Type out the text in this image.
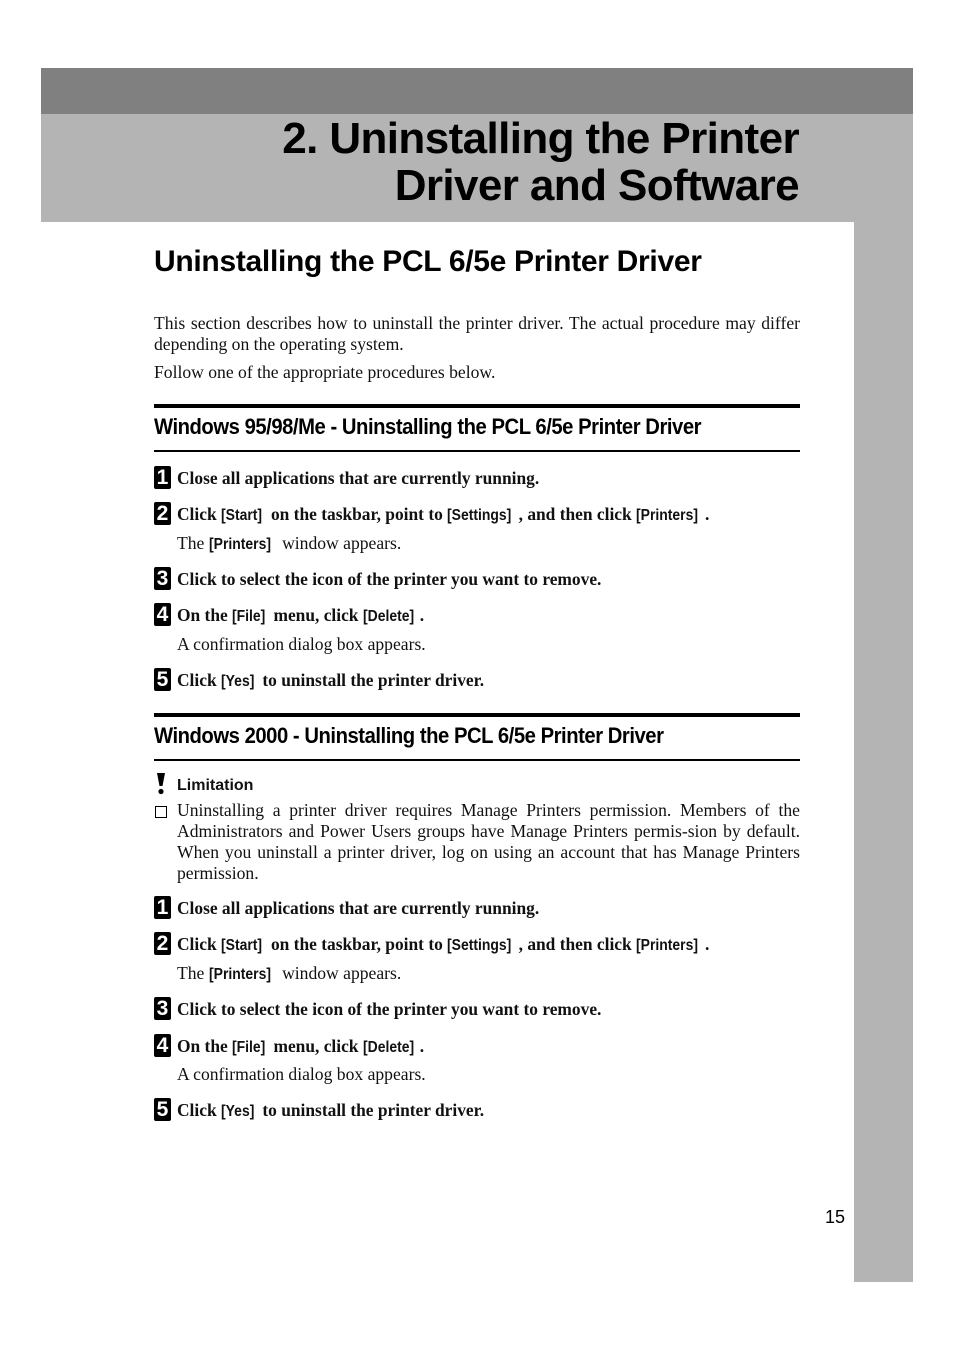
2. Uninstalling the Printer
Driver and Software
Uninstalling the PCL 6/5e Printer Driver
This section describes how to uninstall the printer driver. The actual procedure may differ depending on the operating system.
Follow one of the appropriate procedures below.
Windows 95/98/Me - Uninstalling the PCL 6/5e Printer Driver
1 Close all applications that are currently running.
2 Click [Start] on the taskbar, point to [Settings] , and then click [Printers] .
The [Printers] window appears.
3 Click to select the icon of the printer you want to remove.
4 On the [File] menu, click [Delete] .
A confirmation dialog box appears.
5 Click [Yes] to uninstall the printer driver.
Windows 2000 - Uninstalling the PCL 6/5e Printer Driver
Limitation
Uninstalling a printer driver requires Manage Printers permission. Members of the Administrators and Power Users groups have Manage Printers permis-sion by default. When you uninstall a printer driver, log on using an account that has Manage Printers permission.
1 Close all applications that are currently running.
2 Click [Start] on the taskbar, point to [Settings] , and then click [Printers] .
The [Printers] window appears.
3 Click to select the icon of the printer you want to remove.
4 On the [File] menu, click [Delete] .
A confirmation dialog box appears.
5 Click [Yes] to uninstall the printer driver.
15
